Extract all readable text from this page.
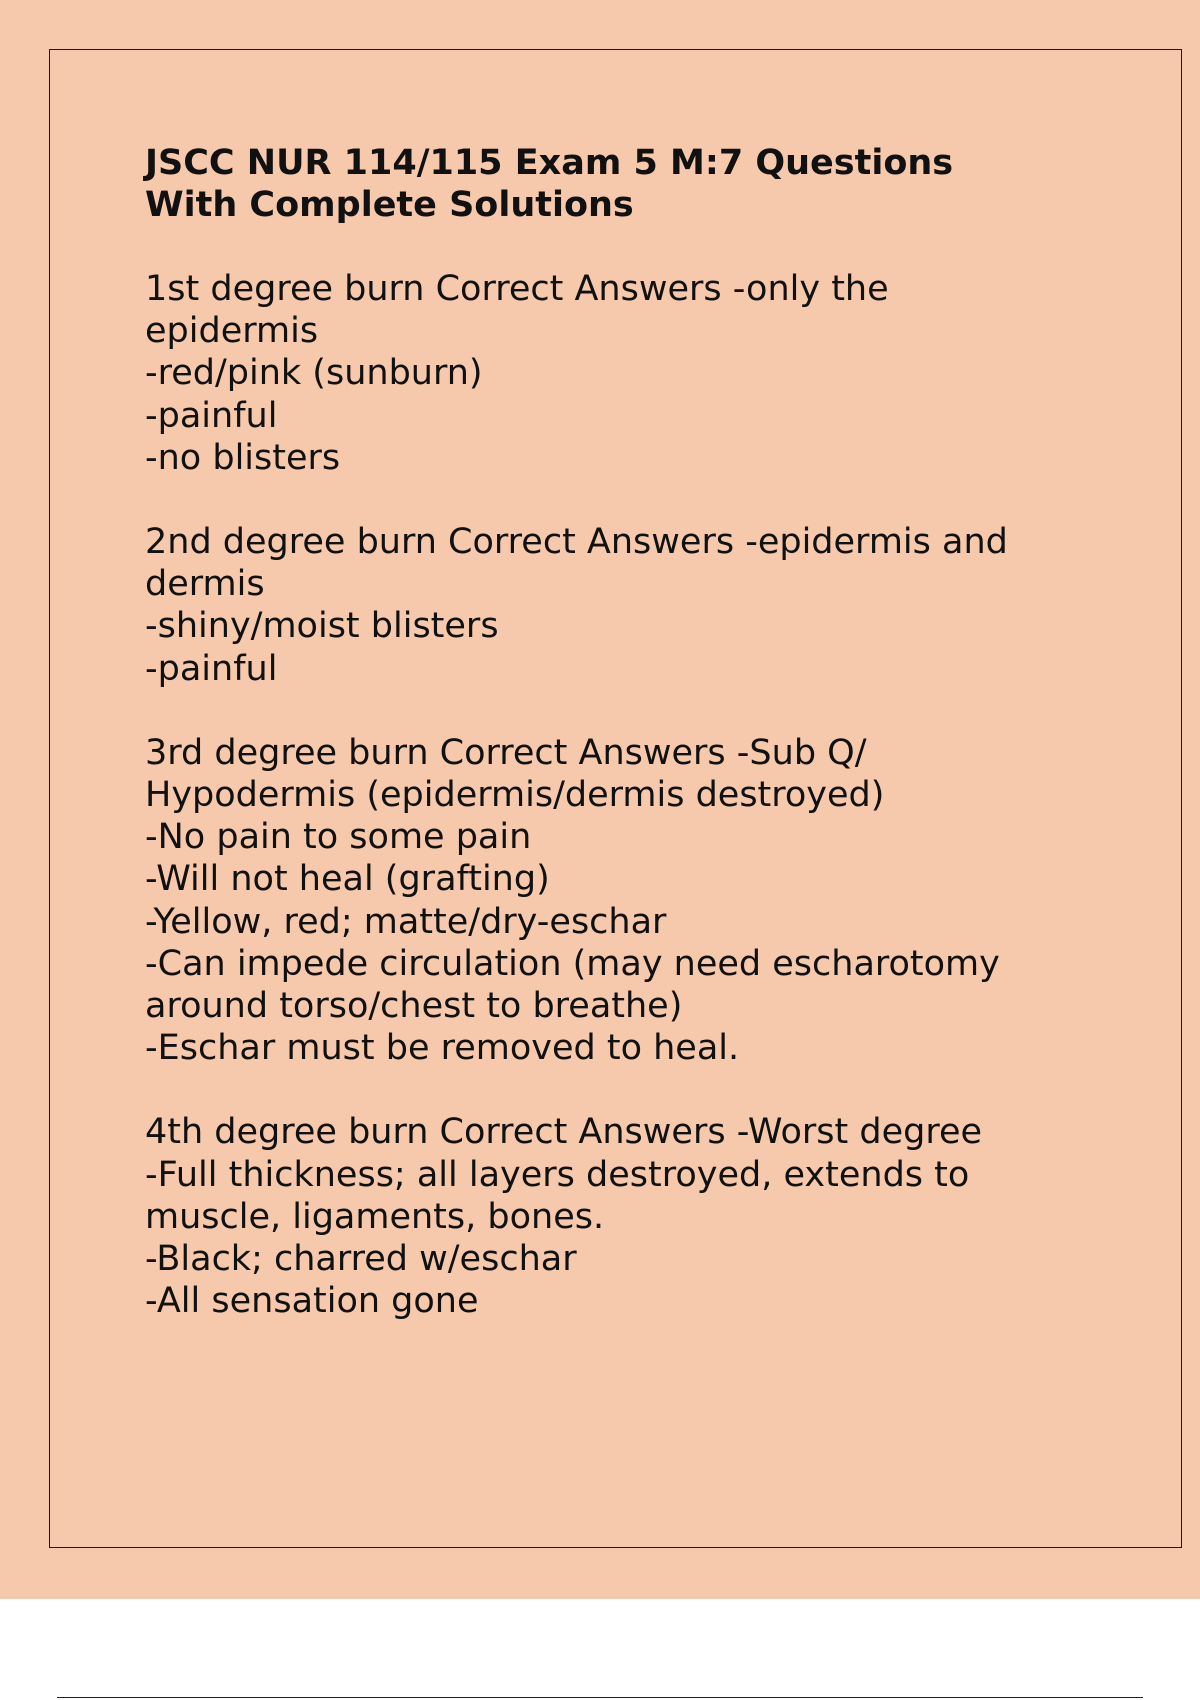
JSCC NUR 114/115 Exam 5 M:7 Questions
With Complete Solutions
1st degree burn Correct Answers -only the
epidermis
-red/pink (sunburn)
-painful
-no blisters
2nd degree burn Correct Answers -epidermis and
dermis
-shiny/moist blisters
-painful
3rd degree burn Correct Answers -Sub Q/
Hypodermis (epidermis/dermis destroyed)
-No pain to some pain
-Will not heal (grafting)
-Yellow, red; matte/dry-eschar
-Can impede circulation (may need escharotomy
around torso/chest to breathe)
-Eschar must be removed to heal.
4th degree burn Correct Answers -Worst degree
-Full thickness; all layers destroyed, extends to
muscle, ligaments, bones.
-Black; charred w/eschar
-All sensation gone
